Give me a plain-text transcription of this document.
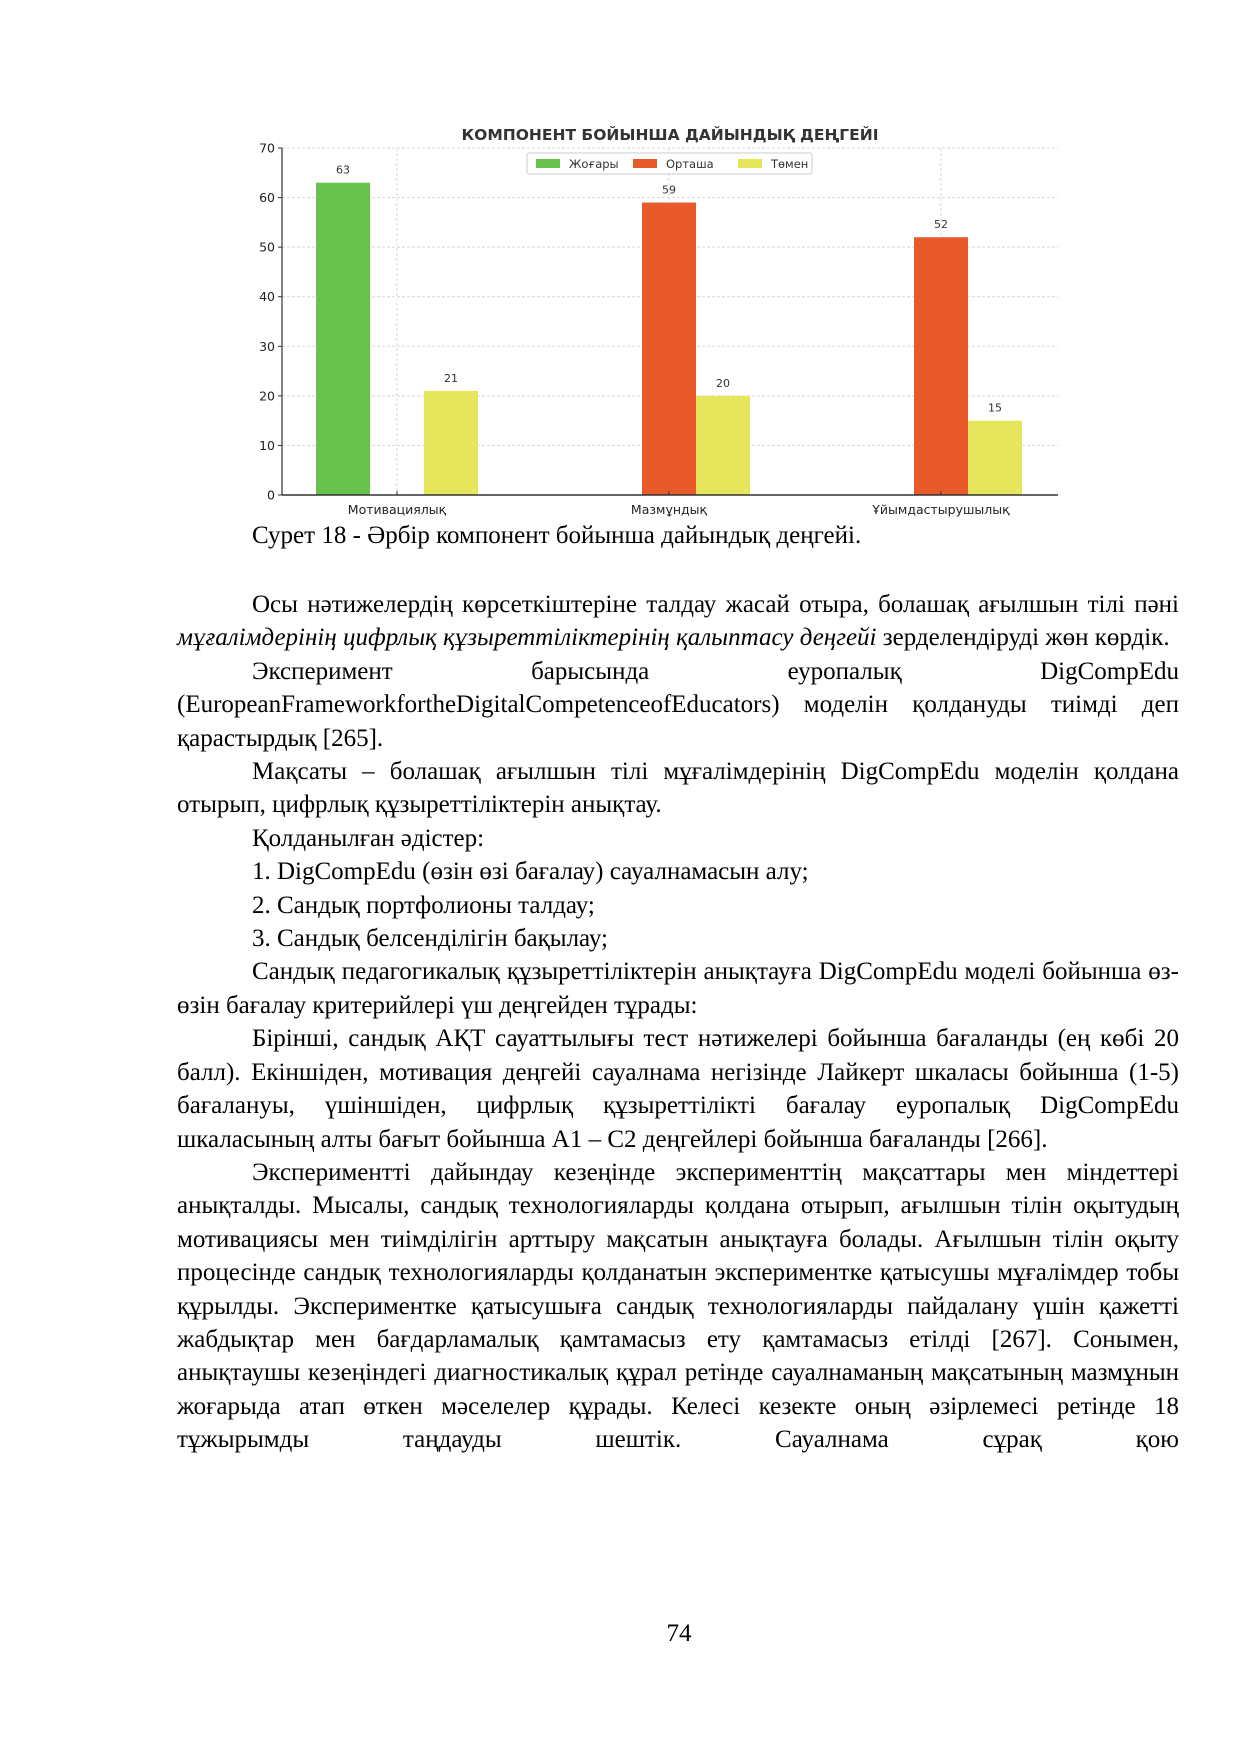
КОМПОНЕНТ БОЙЫНША ДАЙЫНДЫҚ ДЕҢГЕЙІ
63
59
52
21	20
15
0
10
20
30
40
50
60
70
Мотивациялық	Мазмұндық	Ұйымдастырушылық
Жоғары	Орташа	Төмен
Сурет 18 - Әрбір компонент бойынша дайындық деңгейі.

Осы нәтижелердің көрсеткіштеріне талдау жасай отыра, болашақ ағылшын тілі пәні мұғалімдерінің цифрлық құзыреттіліктерінің қалыптасу деңгейі зерделендіруді жөн көрдік.

Эксперимент барысында еуропалық DigCompEdu (EuropeanFrameworkfortheDigitalCompetenceofEducators) моделін қолдануды тиімді деп қарастырдық [265].

Мақсаты – болашақ ағылшын тілі мұғалімдерінің DigCompEdu моделін қолдана отырып, цифрлық құзыреттіліктерін анықтау.

Қолданылған әдістер:

1. DigCompEdu (өзін өзі бағалау) сауалнамасын алу;

2. Сандық портфолионы талдау;

3. Сандық белсенділігін бақылау;

Сандық педагогикалық құзыреттіліктерін анықтауға DigCompEdu моделі бойынша өз-өзін бағалау критерийлері үш деңгейден тұрады:

Бірінші, сандық АҚТ сауаттылығы тест нәтижелері бойынша бағаланды (ең көбі 20 балл). Екіншіден, мотивация деңгейі сауалнама негізінде Лайкерт шкаласы бойынша (1-5) бағалануы, үшіншіден, цифрлық құзыреттілікті бағалау еуропалық DigCompEdu шкаласының алты бағыт бойынша А1 – С2 деңгейлері бойынша бағаланды [266].

Экспериментті дайындау кезеңінде эксперименттің мақсаттары мен міндеттері анықталды. Мысалы, сандық технологияларды қолдана отырып, ағылшын тілін оқытудың мотивациясы мен тиімділігін арттыру мақсатын анықтауға болады. Ағылшын тілін оқыту процесінде сандық технологияларды қолданатын экспериментке қатысушы мұғалімдер тобы құрылды. Экспериментке қатысушыға сандық технологияларды пайдалану үшін қажетті жабдықтар мен бағдарламалық қамтамасыз ету қамтамасыз етілді [267]. Сонымен, анықтаушы кезеңіндегі диагностикалық құрал ретінде сауалнаманың мақсатының мазмұнын жоғарыда атап өткен мәселелер құрады. Келесі кезекте оның әзірлемесі ретінде 18 тұжырымды таңдауды шештік. Сауалнама сұрақ қою

74
